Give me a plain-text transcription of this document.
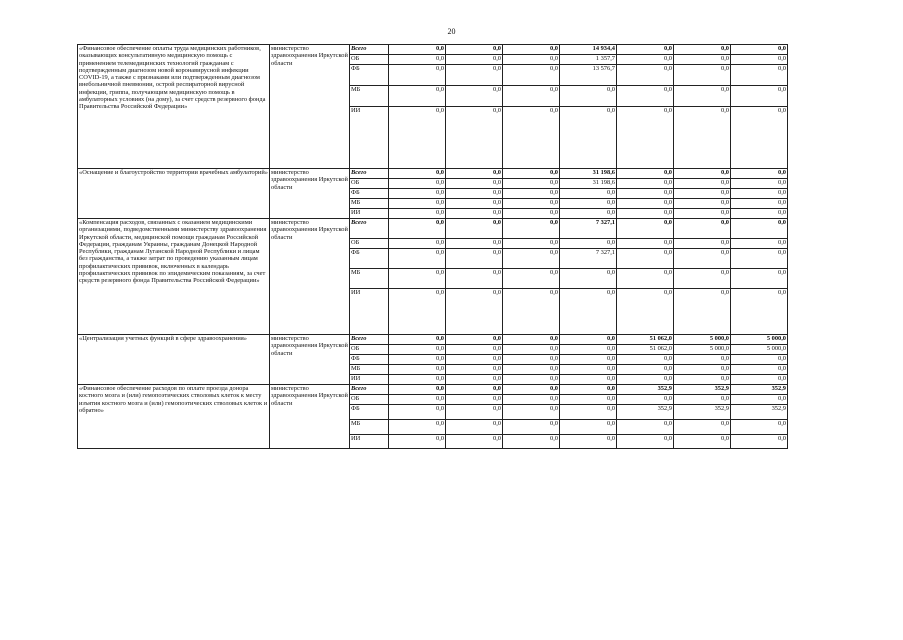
20
«Финансовое обеспечение оплаты труда медицинских работников, оказывающих консультативную медицинскую помощь с применением телемедицинских технологий гражданам с подтвержденным диагнозом новой коронавирусной инфекции COVID-19, а также с признаками или подтвержденным диагнозом внебольничной пневмонии, острой респираторной вирусной инфекции, гриппа, получающим медицинскую помощь в амбулаторных условиях (на дому), за счет средств резервного фонда Правительства Российской Федерации»	министерство здравоохранения Иркутской области	Всего	0,0	0,0	0,0	14 934,4	0,0	0,0	0,0
		ОБ	0,0	0,0	0,0	1 357,7	0,0	0,0	0,0
		ФБ	0,0	0,0	0,0	13 576,7	0,0	0,0	0,0
		МБ	0,0	0,0	0,0	0,0	0,0	0,0	0,0
		ИИ	0,0	0,0	0,0	0,0	0,0	0,0	0,0
«Оснащение и благоустройство территории врачебных амбулаторий»	министерство здравоохранения Иркутской области	Всего	0,0	0,0	0,0	31 198,6	0,0	0,0	0,0
		ОБ	0,0	0,0	0,0	31 198,6	0,0	0,0	0,0
		ФБ	0,0	0,0	0,0	0,0	0,0	0,0	0,0
		МБ	0,0	0,0	0,0	0,0	0,0	0,0	0,0
		ИИ	0,0	0,0	0,0	0,0	0,0	0,0	0,0
«Компенсация расходов, связанных с оказанием медицинскими организациями, подведомственными министерству здравоохранения Иркутской области, медицинской помощи гражданам Российской Федерации, гражданам Украины, гражданам Донецкой Народной Республики, гражданам Луганской Народной Республики и лицам без гражданства, а также затрат по проведению указанным лицам профилактических прививок, включенных в календарь профилактических прививок по эпидемическим показаниям, за счет средств резервного фонда Правительства Российской Федерации»	министерство здравоохранения Иркутской области	Всего	0,0	0,0	0,0	7 327,1	0,0	0,0	0,0
		ОБ	0,0	0,0	0,0	0,0	0,0	0,0	0,0
		ФБ	0,0	0,0	0,0	7 327,1	0,0	0,0	0,0
		МБ	0,0	0,0	0,0	0,0	0,0	0,0	0,0
		ИИ	0,0	0,0	0,0	0,0	0,0	0,0	0,0
«Централизация учетных функций в сфере здравоохранения»	министерство здравоохранения Иркутской области	Всего	0,0	0,0	0,0	0,0	51 062,0	5 000,0	5 000,0
		ОБ	0,0	0,0	0,0	0,0	51 062,0	5 000,0	5 000,0
		ФБ	0,0	0,0	0,0	0,0	0,0	0,0	0,0
		МБ	0,0	0,0	0,0	0,0	0,0	0,0	0,0
		ИИ	0,0	0,0	0,0	0,0	0,0	0,0	0,0
«Финансовое обеспечение расходов по оплате проезда донора костного мозга и (или) гемопоэтических стволовых клеток к месту изъятия костного мозга и (или) гемопоэтических стволовых клеток и обратно»	министерство здравоохранения Иркутской области	Всего	0,0	0,0	0,0	0,0	352,9	352,9	352,9
		ОБ	0,0	0,0	0,0	0,0	0,0	0,0	0,0
		ФБ	0,0	0,0	0,0	0,0	352,9	352,9	352,9
		МБ	0,0	0,0	0,0	0,0	0,0	0,0	0,0
		ИИ	0,0	0,0	0,0	0,0	0,0	0,0	0,0
